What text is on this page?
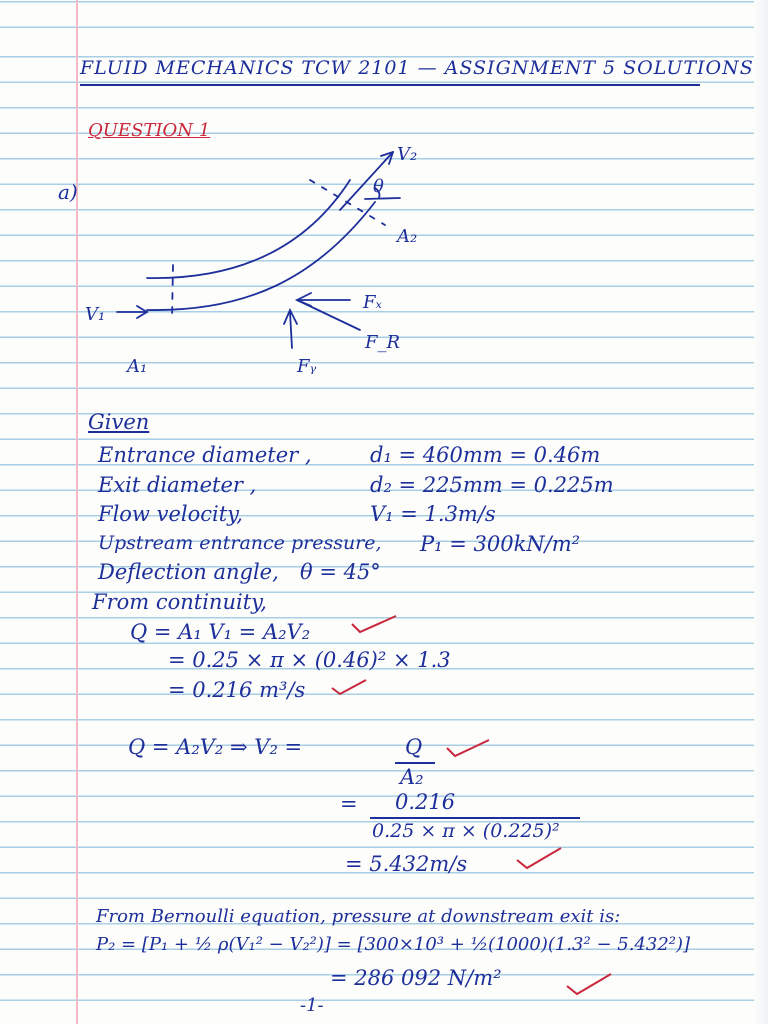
FLUID MECHANICS TCW 2101 — ASSIGNMENT 5 SOLUTIONS
QUESTION 1
a)
V₂
θ
A₂
V₁
Fₓ
F_R
A₁	Fᵧ
Given
Entrance diameter ,	d₁ = 460mm = 0.46m
Exit diameter ,	d₂ = 225mm = 0.225m
Flow velocity,	V₁ = 1.3m/s
Upstream entrance pressure, P₁ = 300kN/m²
Deflection angle, θ = 45°
From continuity,
Q = A₁ V₁ = A₂V₂
= 0.25 × π × (0.46)² × 1.3
= 0.216 m³/s
Q = A₂V₂ ⇒ V₂ =	Q
A₂
= 0.216
0.25 × π × (0.225)²
= 5.432m/s
From Bernoulli equation, pressure at downstream exit is:
P₂ = [P₁ + ½ ρ(V₁² − V₂²)] = [300×10³ + ½(1000)(1.3² − 5.432²)]
= 286 092 N/m²
-1-
